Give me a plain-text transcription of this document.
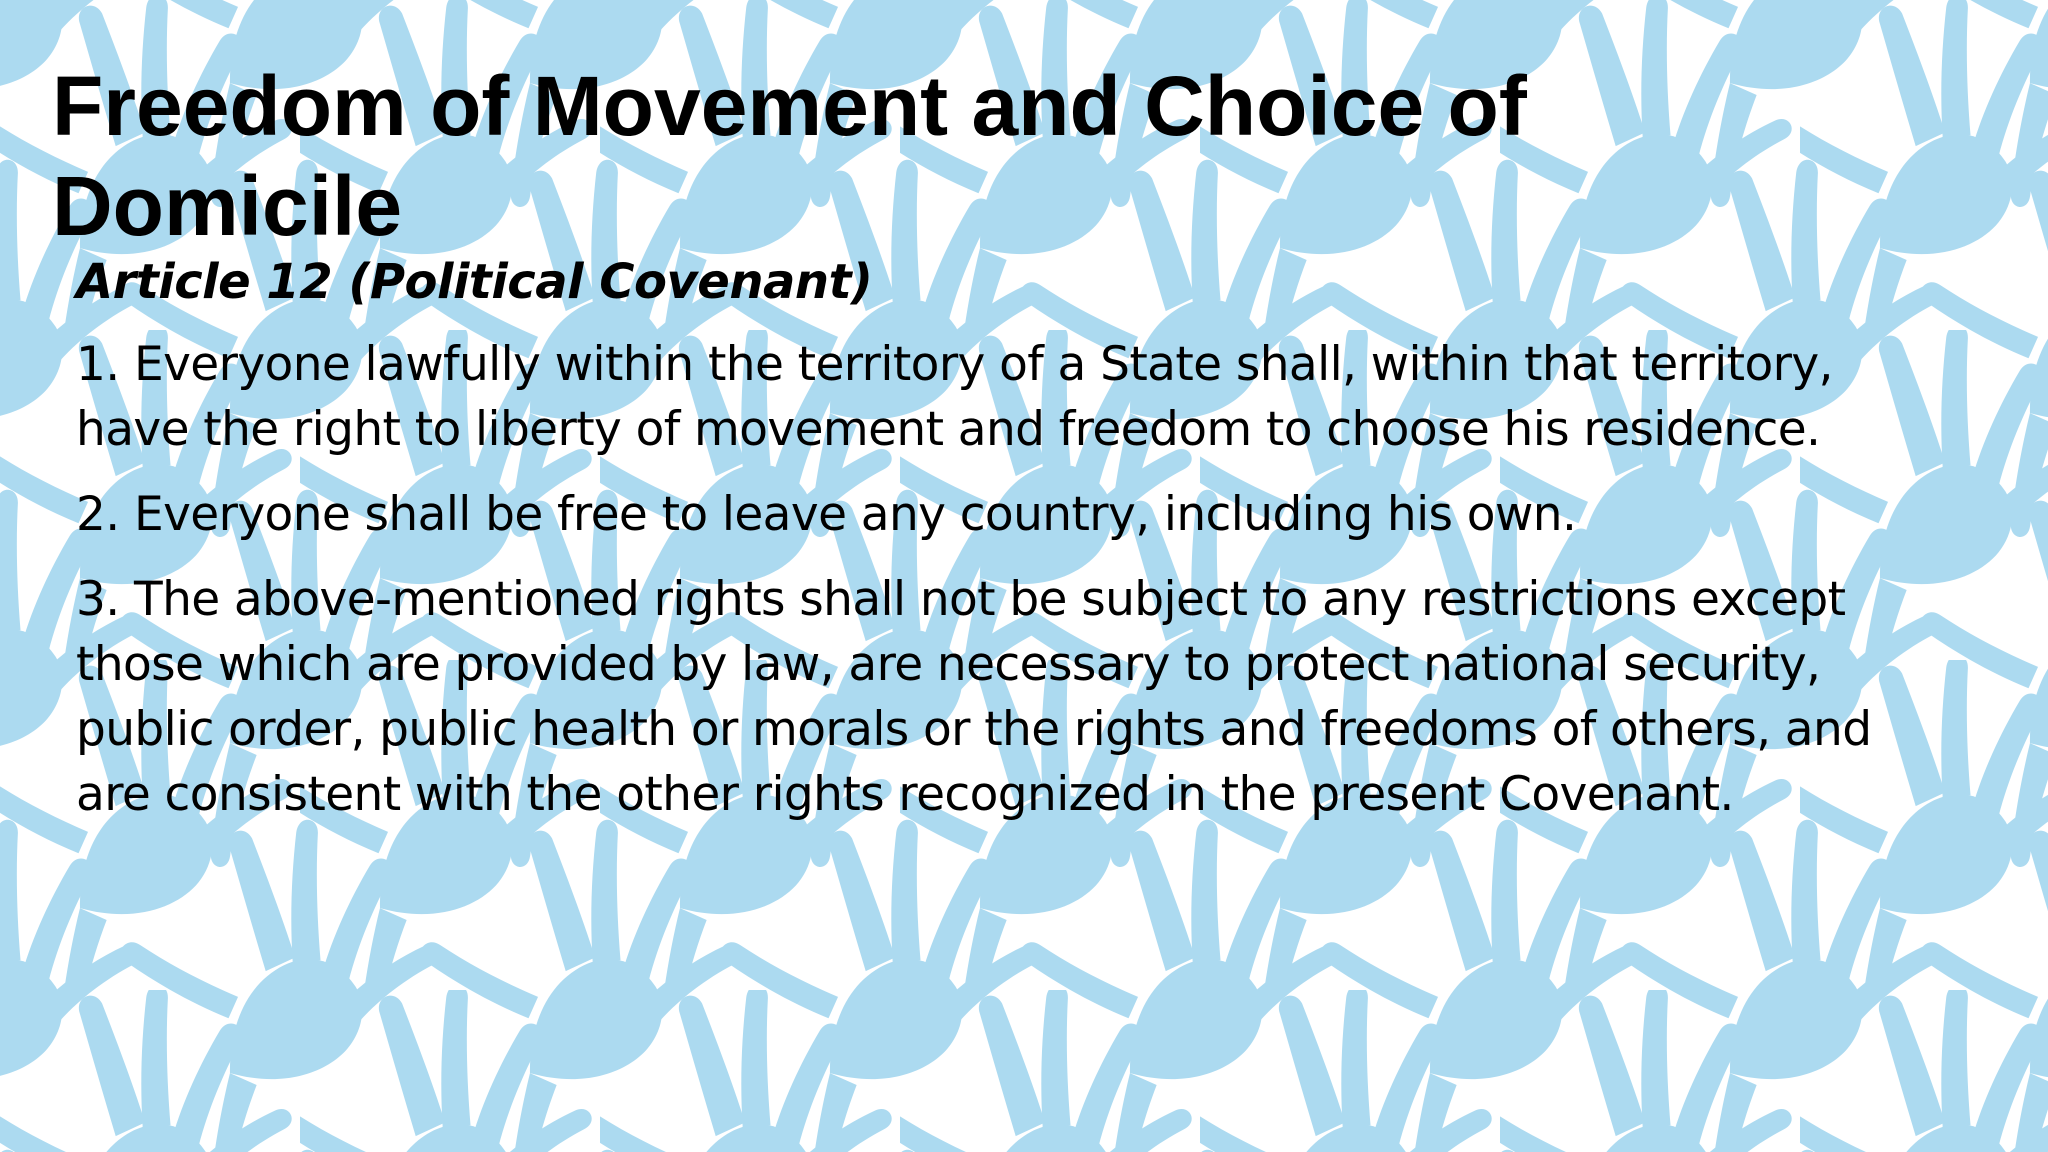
Freedom of Movement and Choice of Domicile

Article 12 (Political Covenant)

1. Everyone lawfully within the territory of a State shall, within that territory, have the right to liberty of movement and freedom to choose his residence.

2. Everyone shall be free to leave any country, including his own.

3. The above-mentioned rights shall not be subject to any restrictions except those which are provided by law, are necessary to protect national security, public order, public health or morals or the rights and freedoms of others, and are consistent with the other rights recognized in the present Covenant.
